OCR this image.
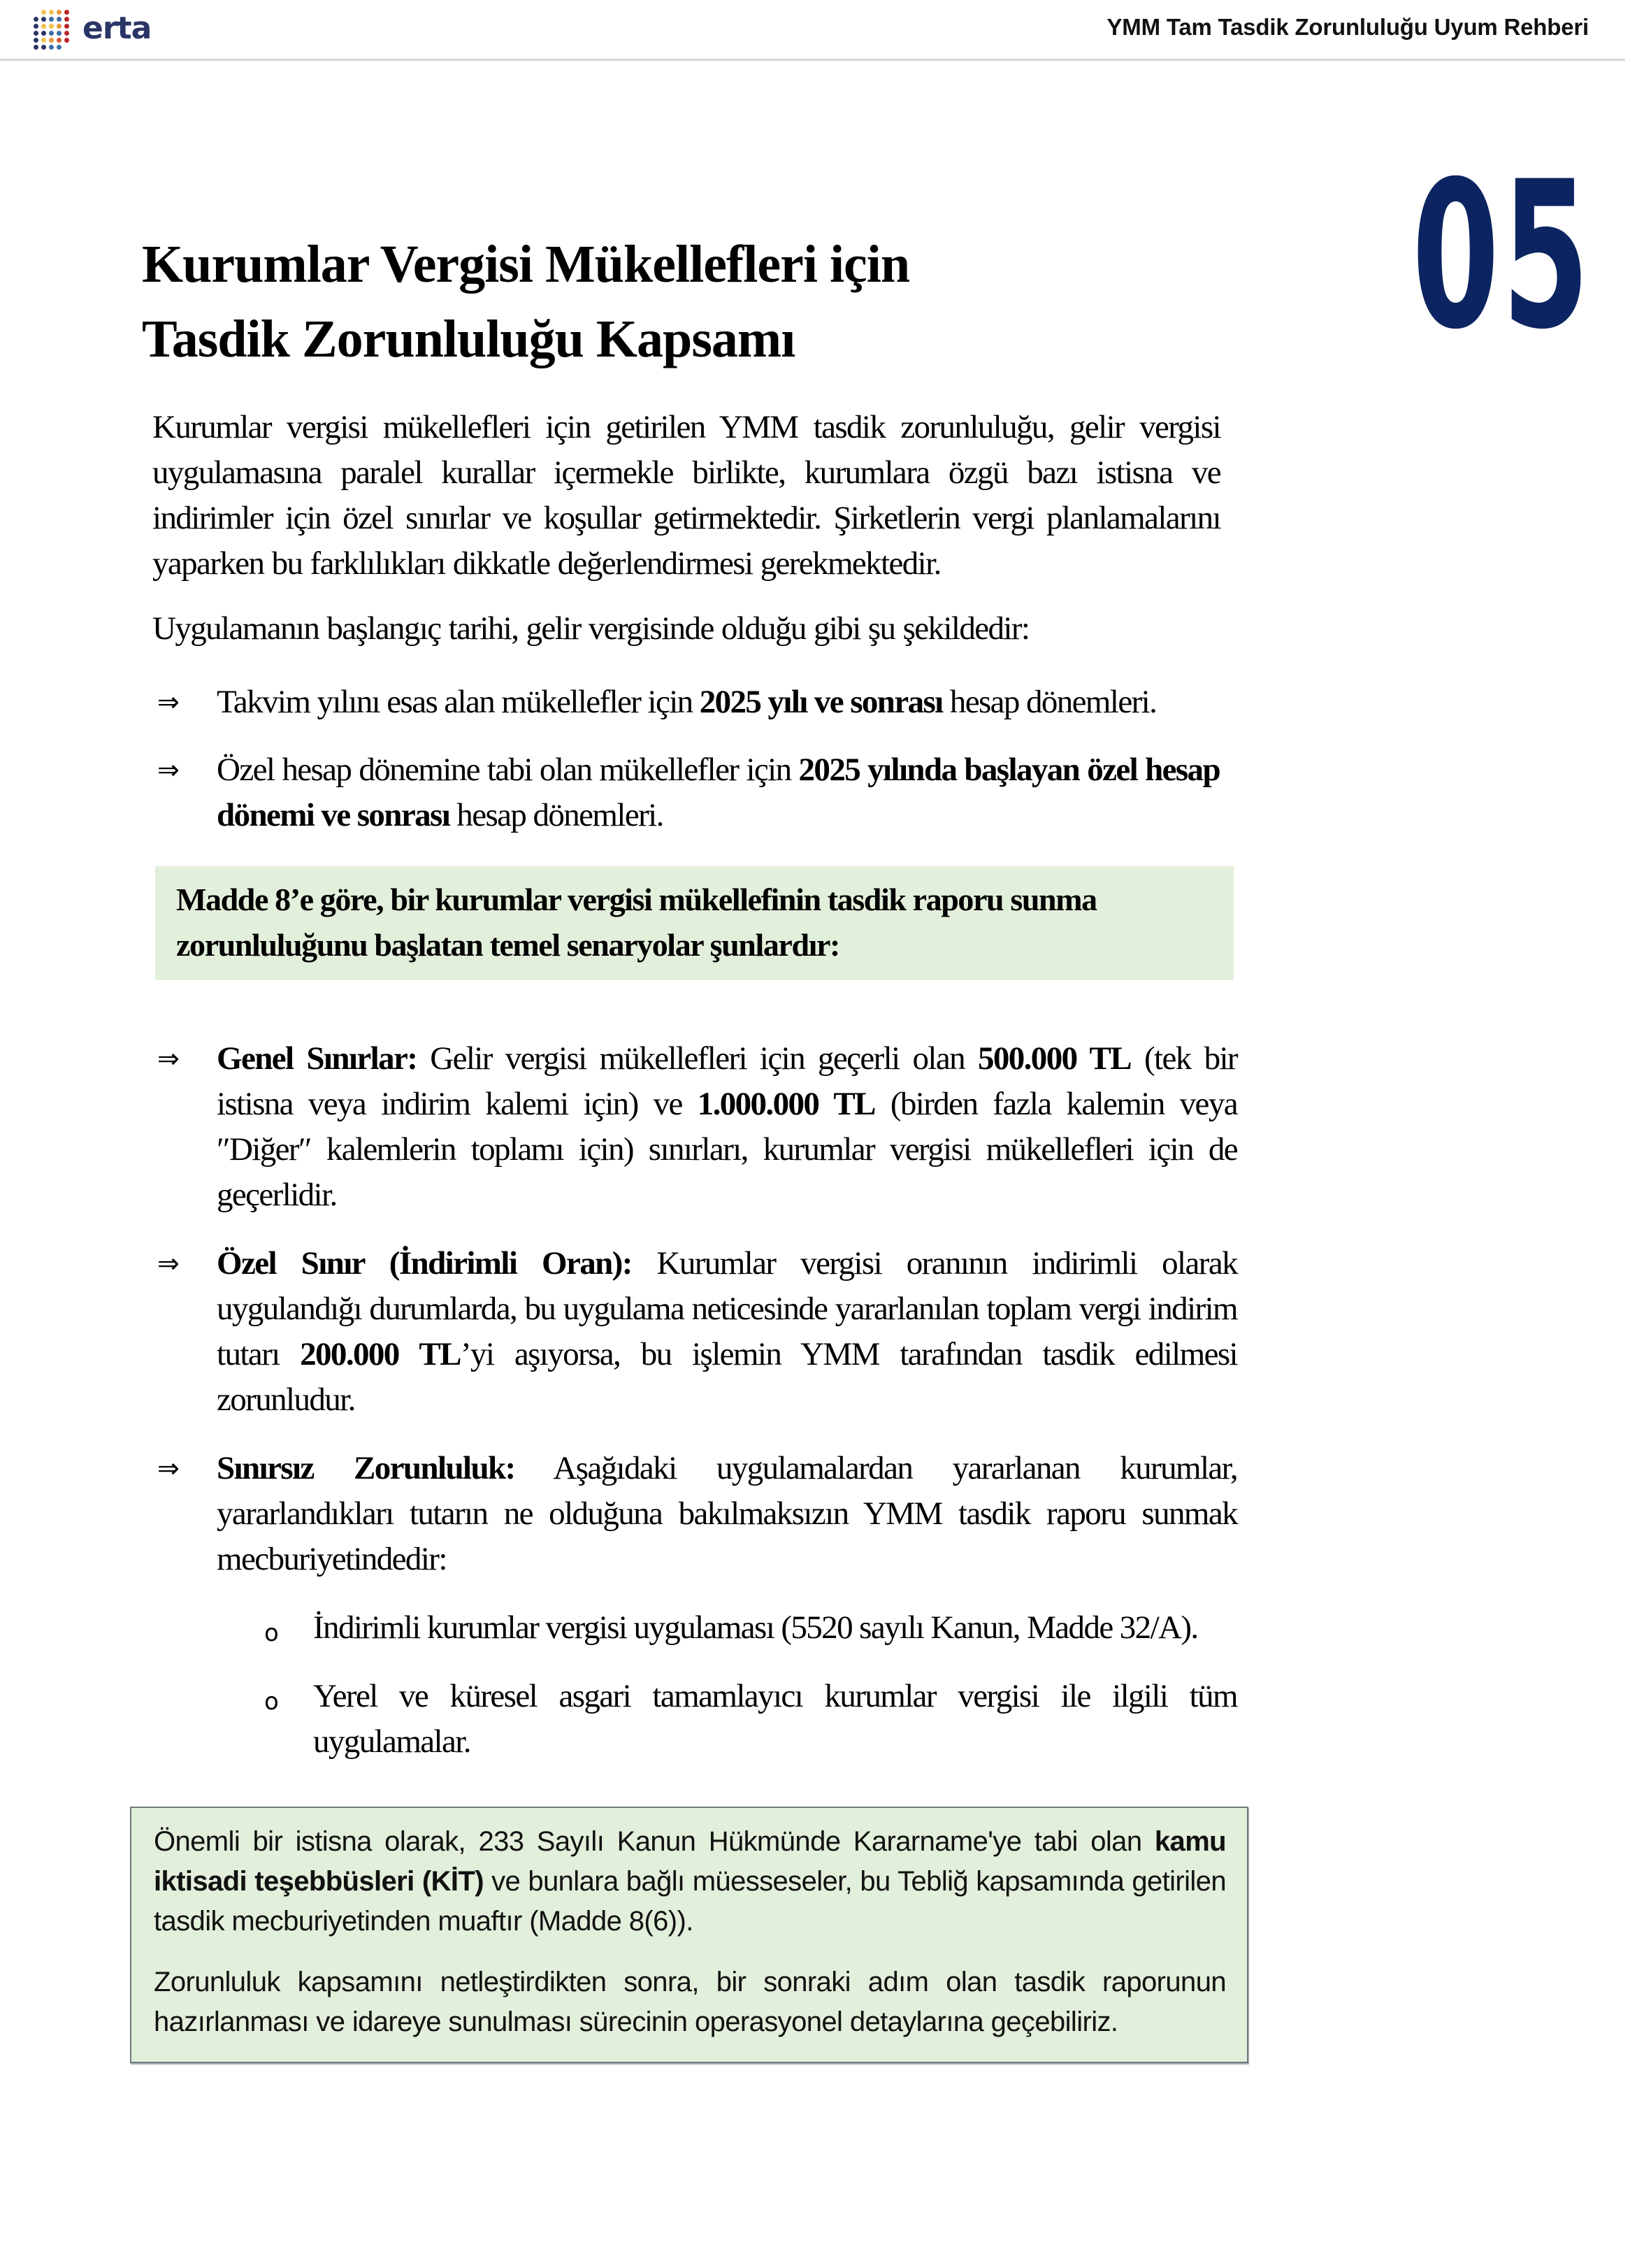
erta	YMM Tam Tasdik Zorunluluğu Uyum Rehberi
05
Kurumlar Vergisi Mükellefleri için
Tasdik Zorunluluğu Kapsamı

Kurumlar vergisi mükellefleri için getirilen YMM tasdik zorunluluğu, gelir vergisi uygulamasına paralel kurallar içermekle birlikte, kurumlara özgü bazı istisna ve indirimler için özel sınırlar ve koşullar getirmektedir. Şirketlerin vergi planlamalarını yaparken bu farklılıkları dikkatle değerlendirmesi gerekmektedir.

Uygulamanın başlangıç tarihi, gelir vergisinde olduğu gibi şu şekildedir:

⇒ Takvim yılını esas alan mükellefler için 2025 yılı ve sonrası hesap dönemleri.
⇒ Özel hesap dönemine tabi olan mükellefler için 2025 yılında başlayan özel hesap dönemi ve sonrası hesap dönemleri.

Madde 8’e göre, bir kurumlar vergisi mükellefinin tasdik raporu sunma zorunluluğunu başlatan temel senaryolar şunlardır:

⇒ Genel Sınırlar: Gelir vergisi mükellefleri için geçerli olan 500.000 TL (tek bir istisna veya indirim kalemi için) ve 1.000.000 TL (birden fazla kalemin veya ″Diğer″ kalemlerin toplamı için) sınırları, kurumlar vergisi mükellefleri için de geçerlidir.
⇒ Özel Sınır (İndirimli Oran): Kurumlar vergisi oranının indirimli olarak uygulandığı durumlarda, bu uygulama neticesinde yararlanılan toplam vergi indirim tutarı 200.000 TL’yi aşıyorsa, bu işlemin YMM tarafından tasdik edilmesi zorunludur.
⇒ Sınırsız Zorunluluk: Aşağıdaki uygulamalardan yararlanan kurumlar, yararlandıkları tutarın ne olduğuna bakılmaksızın YMM tasdik raporu sunmak mecburiyetindedir:
o İndirimli kurumlar vergisi uygulaması (5520 sayılı Kanun, Madde 32/A).
o Yerel ve küresel asgari tamamlayıcı kurumlar vergisi ile ilgili tüm uygulamalar.

Önemli bir istisna olarak, 233 Sayılı Kanun Hükmünde Kararname'ye tabi olan kamu iktisadi teşebbüsleri (KİT) ve bunlara bağlı müesseseler, bu Tebliğ kapsamında getirilen tasdik mecburiyetinden muaftır (Madde 8(6)).

Zorunluluk kapsamını netleştirdikten sonra, bir sonraki adım olan tasdik raporunun hazırlanması ve idareye sunulması sürecinin operasyonel detaylarına geçebiliriz.
